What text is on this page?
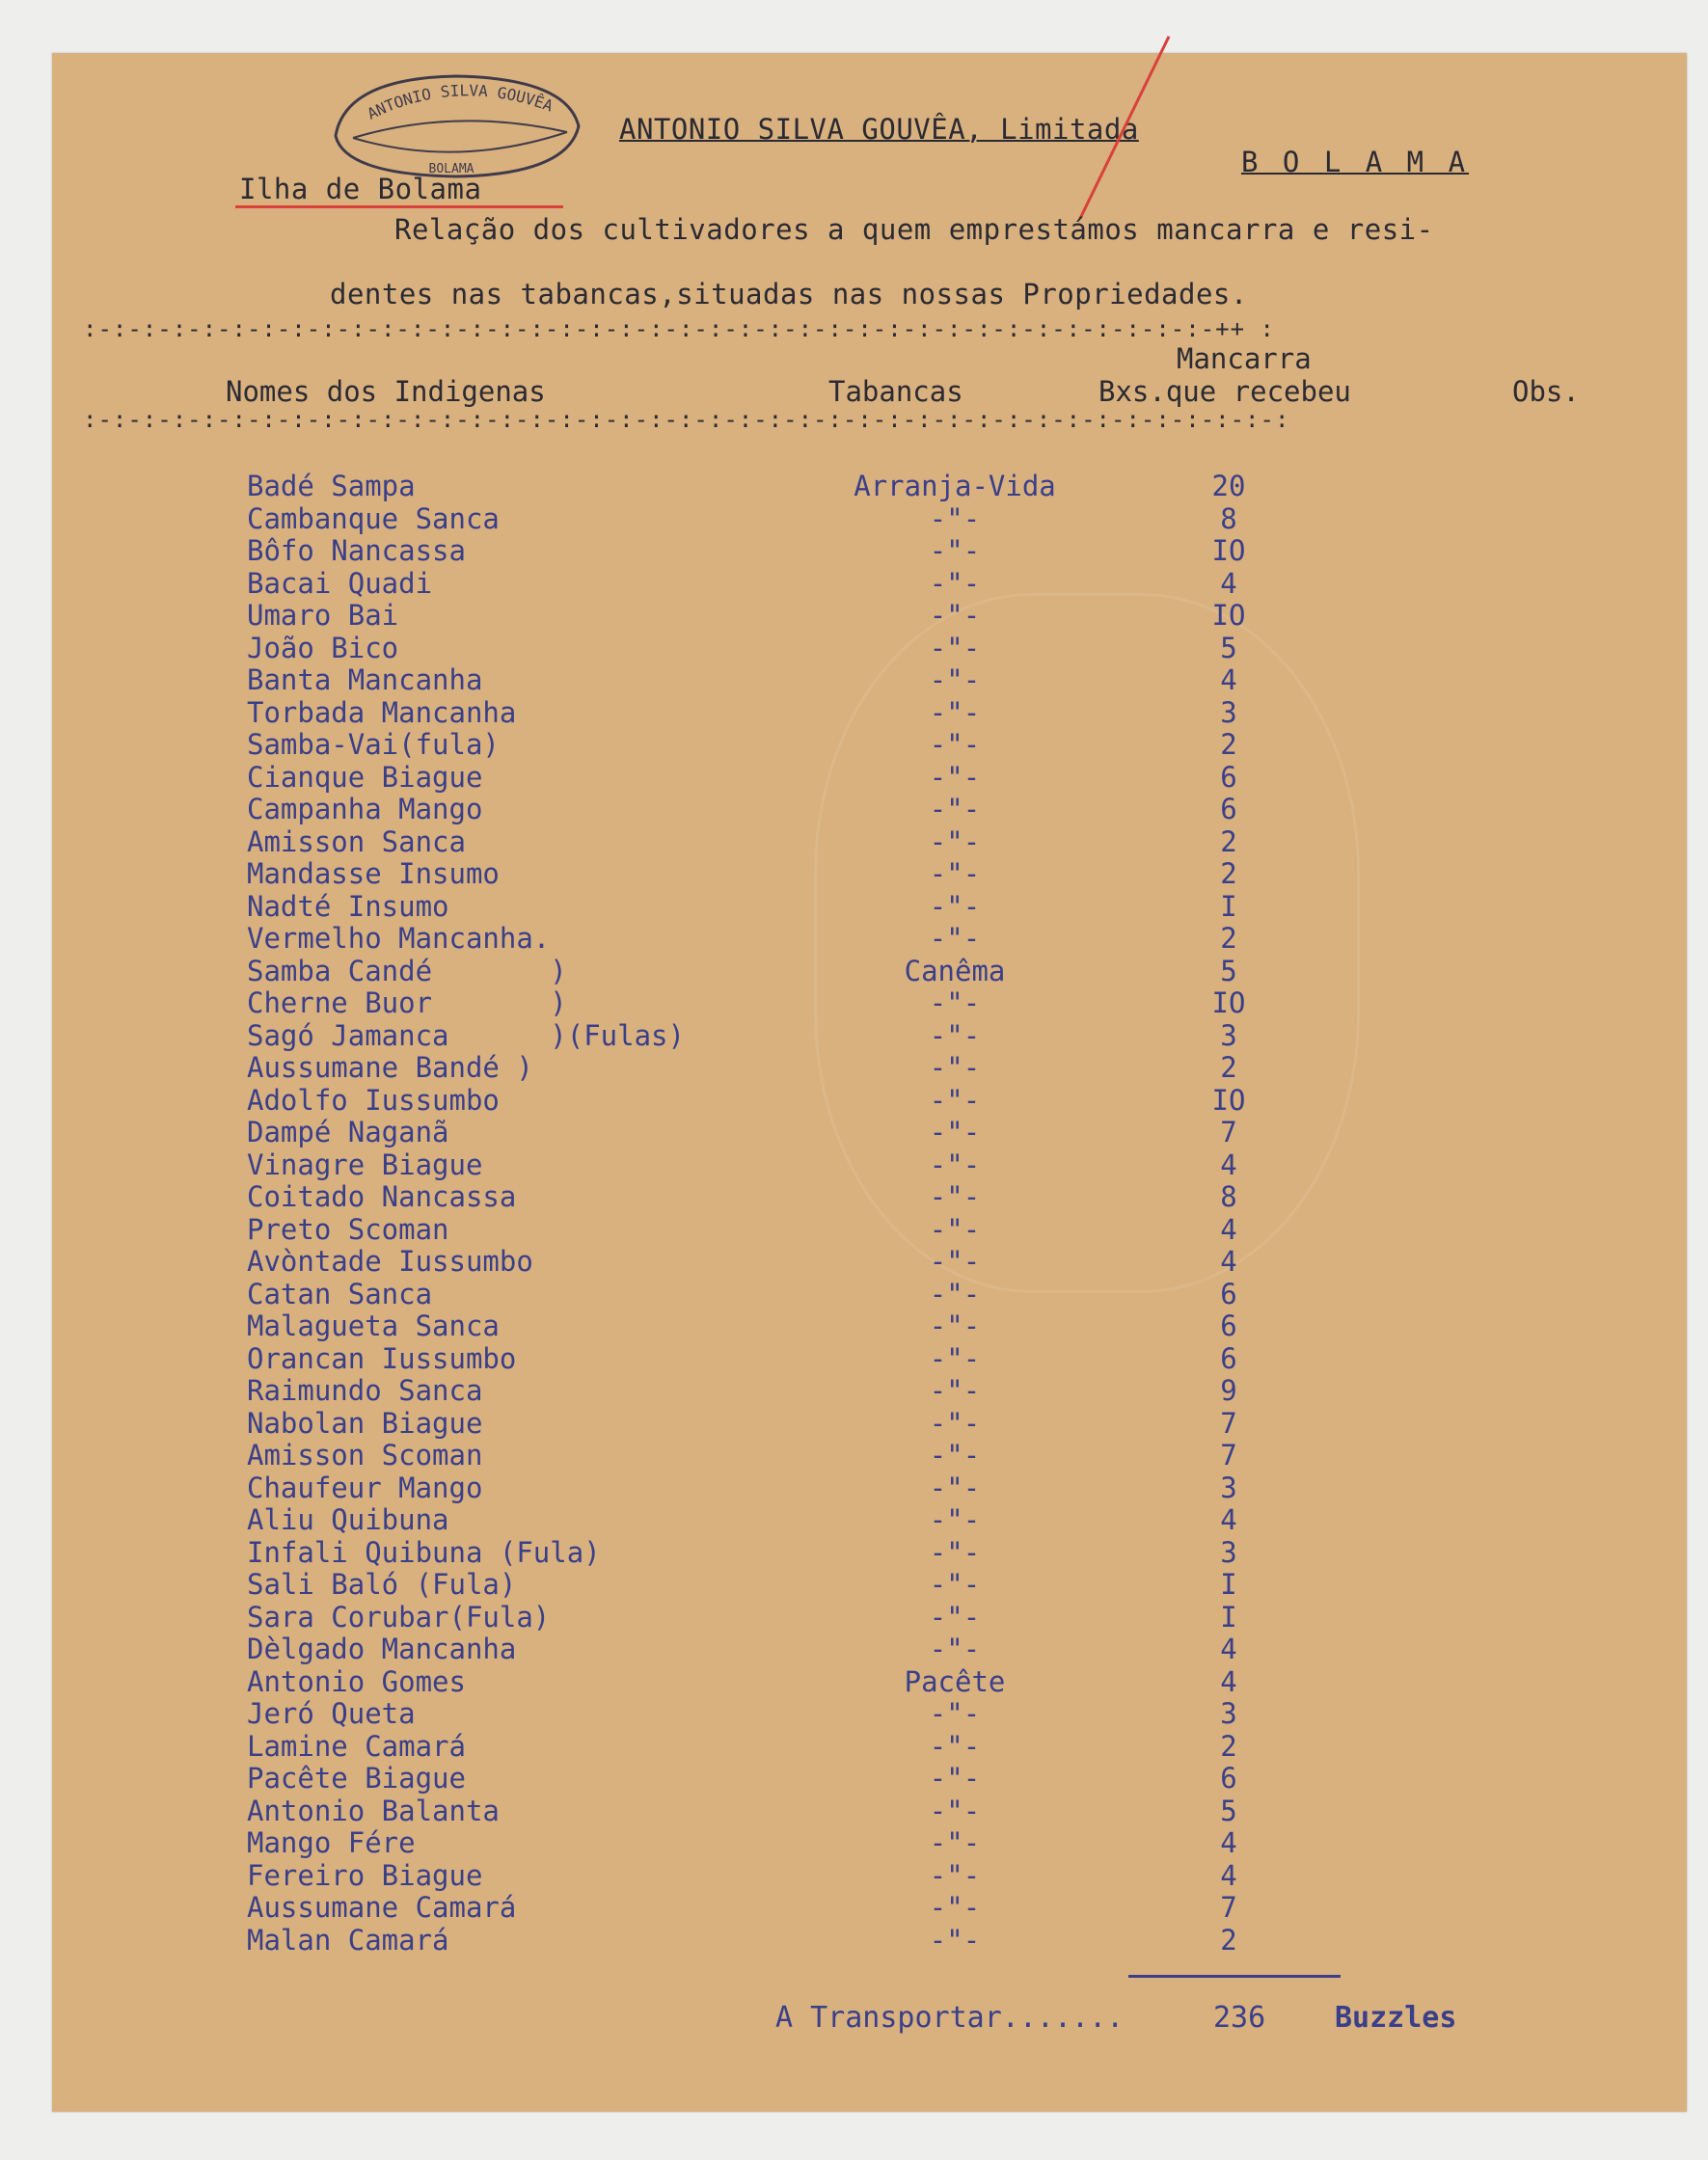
ANTONIO SILVA GOUVÊA
BOLAMA
ANTONIO SILVA GOUVÊA, Limitada
B O L A M A
Ilha de Bolama
Relação dos cultivadores a quem emprestámos mancarra e resi-
dentes nas tabancas,situadas nas nossas Propriedades.
:-:-:-:-:-:-:-:-:-:-:-:-:-:-:-:-:-:-:-:-:-:-:-:-:-:-:-:-:-:-:-:-:-:-:-:-:-:-++ :
Mancarra
Nomes dos Indigenas	Tabancas	Bxs.que recebeu	Obs.
:-:-:-:-:-:-:-:-:-:-:-:-:-:-:-:-:-:-:-:-:-:-:-:-:-:-:-:-:-:-:-:-:-:-:-:-:-:-:-:-:
Badé Sampa	Arranja-Vida	20
Cambanque Sanca	-"-	8
Bôfo Nancassa	-"-	IO
Bacai Quadi	-"-	4
Umaro Bai	-"-	IO
João Bico	-"-	5
Banta Mancanha	-"-	4
Torbada Mancanha	-"-	3
Samba-Vai(fula)	-"-	2
Cianque Biague	-"-	6
Campanha Mango	-"-	6
Amisson Sanca	-"-	2
Mandasse Insumo	-"-	2
Nadté Insumo	-"-	I
Vermelho Mancanha.	-"-	2
Samba Candé       )	Canêma	5
Cherne Buor       )	-"-	IO
Sagó Jamanca      )(Fulas)	-"-	3
Aussumane Bandé )	-"-	2
Adolfo Iussumbo	-"-	IO
Dampé Naganã	-"-	7
Vinagre Biague	-"-	4
Coitado Nancassa	-"-	8
Preto Scoman	-"-	4
Avòntade Iussumbo	-"-	4
Catan Sanca	-"-	6
Malagueta Sanca	-"-	6
Orancan Iussumbo	-"-	6
Raimundo Sanca	-"-	9
Nabolan Biague	-"-	7
Amisson Scoman	-"-	7
Chaufeur Mango	-"-	3
Aliu Quibuna	-"-	4
Infali Quibuna (Fula)	-"-	3
Sali Baló (Fula)	-"-	I
Sara Corubar(Fula)	-"-	I
Dèlgado Mancanha	-"-	4
Antonio Gomes	Pacête	4
Jeró Queta	-"-	3
Lamine Camará	-"-	2
Pacête Biague	-"-	6
Antonio Balanta	-"-	5
Mango Fére	-"-	4
Fereiro Biague	-"-	4
Aussumane Camará	-"-	7
Malan Camará	-"-	2
A Transportar.......	236 Buzzles
